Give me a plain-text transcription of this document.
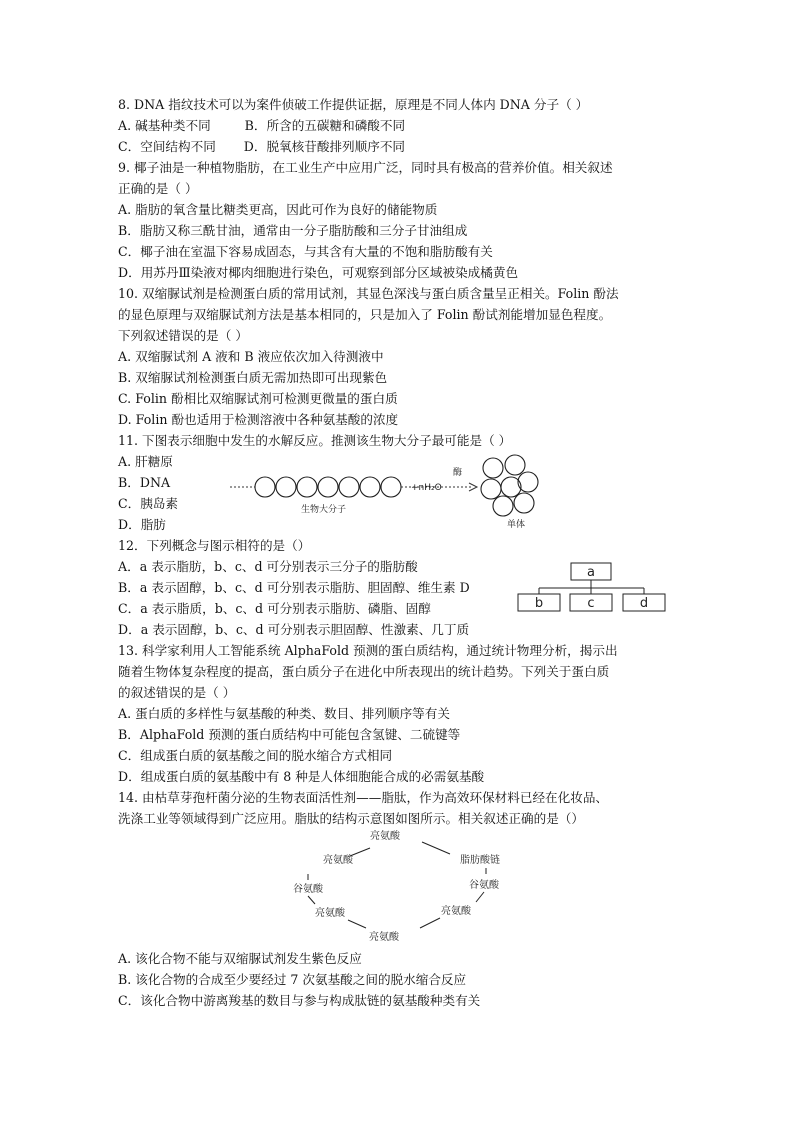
8. DNA 指纹技术可以为案件侦破工作提供证据，原理是不同人体内 DNA 分子（ ）
A. 碱基种类不同	B．所含的五碳糖和磷酸不同
C．空间结构不同 D．脱氧核苷酸排列顺序不同
9. 椰子油是一种植物脂肪，在工业生产中应用广泛，同时具有极高的营养价值。相关叙述
正确的是（ ）
A. 脂肪的氧含量比糖类更高，因此可作为良好的储能物质
B．脂肪又称三酰甘油，通常由一分子脂肪酸和三分子甘油组成
C．椰子油在室温下容易成固态，与其含有大量的不饱和脂肪酸有关
D．用苏丹Ⅲ染液对椰肉细胞进行染色，可观察到部分区域被染成橘黄色
10. 双缩脲试剂是检测蛋白质的常用试剂，其显色深浅与蛋白质含量呈正相关。Folin 酚法
的显色原理与双缩脲试剂方法是基本相同的，只是加入了 Folin 酚试剂能增加显色程度。
下列叙述错误的是（ ）
A. 双缩脲试剂 A 液和 B 液应依次加入待测液中
B. 双缩脲试剂检测蛋白质无需加热即可出现紫色
C. Folin 酚相比双缩脲试剂可检测更微量的蛋白质
D. Folin 酚也适用于检测溶液中各种氨基酸的浓度
11. 下图表示细胞中发生的水解反应。推测该生物大分子最可能是（ ）
A. 肝糖原
B．DNA
C．胰岛素
D．脂肪
+nH₂O
酶
生物大分子
单体
12．下列概念与图示相符的是（）
A．a 表示脂肪，b、c、d 可分别表示三分子的脂肪酸
B．a 表示固醇，b、c、d 可分别表示脂肪、胆固醇、维生素 D
C．a 表示脂质，b、c、d 可分别表示脂肪、磷脂、固醇
D．a 表示固醇，b、c、d 可分别表示胆固醇、性激素、几丁质
a
b	c	d
13. 科学家利用人工智能系统 AlphaFold 预测的蛋白质结构，通过统计物理分析，揭示出
随着生物体复杂程度的提高，蛋白质分子在进化中所表现出的统计趋势。下列关于蛋白质
的叙述错误的是（ ）
A. 蛋白质的多样性与氨基酸的种类、数目、排列顺序等有关
B．AlphaFold 预测的蛋白质结构中可能包含氢键、二硫键等
C．组成蛋白质的氨基酸之间的脱水缩合方式相同
D．组成蛋白质的氨基酸中有 8 种是人体细胞能合成的必需氨基酸
14. 由枯草芽孢杆菌分泌的生物表面活性剂——脂肽，作为高效环保材料已经在化妆品、
洗涤工业等领域得到广泛应用。脂肽的结构示意图如图所示。相关叙述正确的是（）
亮氨酸
脂肪酸链
亮氨酸
谷氨酸	谷氨酸
亮氨酸	亮氨酸
亮氨酸
A. 该化合物不能与双缩脲试剂发生紫色反应
B. 该化合物的合成至少要经过 7 次氨基酸之间的脱水缩合反应
C．该化合物中游离羧基的数目与参与构成肽链的氨基酸种类有关
